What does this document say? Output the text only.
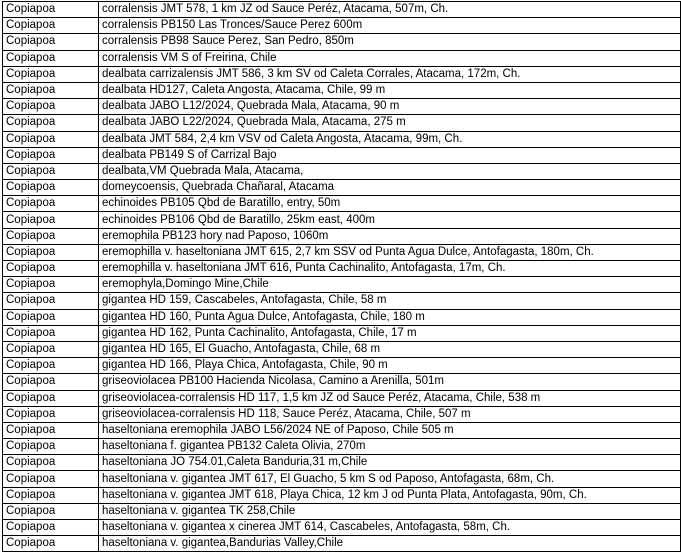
Copiapoa	corralensis JMT 578, 1 km JZ od Sauce Peréz, Atacama, 507m, Ch.
Copiapoa	corralensis PB150 Las Tronces/Sauce Perez 600m
Copiapoa	corralensis PB98 Sauce Perez, San Pedro, 850m
Copiapoa	corralensis VM S of Freirina, Chile
Copiapoa	dealbata carrizalensis JMT 586, 3 km SV od Caleta Corrales, Atacama, 172m, Ch.
Copiapoa	dealbata HD127, Caleta Angosta, Atacama, Chile, 99 m
Copiapoa	dealbata JABO L12/2024, Quebrada Mala, Atacama, 90 m
Copiapoa	dealbata JABO L22/2024, Quebrada Mala, Atacama, 275 m
Copiapoa	dealbata JMT 584, 2,4 km VSV od Caleta Angosta, Atacama, 99m, Ch.
Copiapoa	dealbata PB149 S of Carrizal Bajo
Copiapoa	dealbata,VM Quebrada Mala, Atacama,
Copiapoa	domeycoensis, Quebrada Chañaral, Atacama
Copiapoa	echinoides PB105 Qbd de Baratillo, entry, 50m
Copiapoa	echinoides PB106 Qbd de Baratillo, 25km east, 400m
Copiapoa	eremophila PB123 hory nad Paposo, 1060m
Copiapoa	eremophilla v. haseltoniana JMT 615, 2,7 km SSV od Punta Agua Dulce, Antofagasta, 180m, Ch.
Copiapoa	eremophilla v. haseltoniana JMT 616, Punta Cachinalito, Antofagasta, 17m, Ch.
Copiapoa	eremophyla,Domingo Mine,Chile
Copiapoa	gigantea HD 159, Cascabeles, Antofagasta, Chile, 58 m
Copiapoa	gigantea HD 160, Punta Agua Dulce, Antofagasta, Chile, 180 m
Copiapoa	gigantea HD 162, Punta Cachinalito, Antofagasta, Chile, 17 m
Copiapoa	gigantea HD 165, El Guacho, Antofagasta, Chile, 68 m
Copiapoa	gigantea HD 166, Playa Chica, Antofagasta, Chile, 90 m
Copiapoa	griseoviolacea PB100 Hacienda Nicolasa, Camino a Arenilla, 501m
Copiapoa	griseoviolacea-corralensis HD 117, 1,5 km JZ od Sauce Peréz, Atacama, Chile, 538 m
Copiapoa	griseoviolacea-corralensis HD 118, Sauce Peréz, Atacama, Chile, 507 m
Copiapoa	haseltoniana eremophila JABO L56/2024 NE of Paposo, Chile 505 m
Copiapoa	haseltoniana f. gigantea PB132 Caleta Olivia, 270m
Copiapoa	haseltoniana JO 754.01,Caleta Banduria,31 m,Chile
Copiapoa	haseltoniana v. gigantea JMT 617, El Guacho, 5 km S od Paposo, Antofagasta, 68m, Ch.
Copiapoa	haseltoniana v. gigantea JMT 618, Playa Chica, 12 km J od Punta Plata, Antofagasta, 90m, Ch.
Copiapoa	haseltoniana v. gigantea TK 258,Chile
Copiapoa	haseltoniana v. gigantea x cinerea JMT 614, Cascabeles, Antofagasta, 58m, Ch.
Copiapoa	haseltoniana v. gigantea,Bandurias Valley,Chile
